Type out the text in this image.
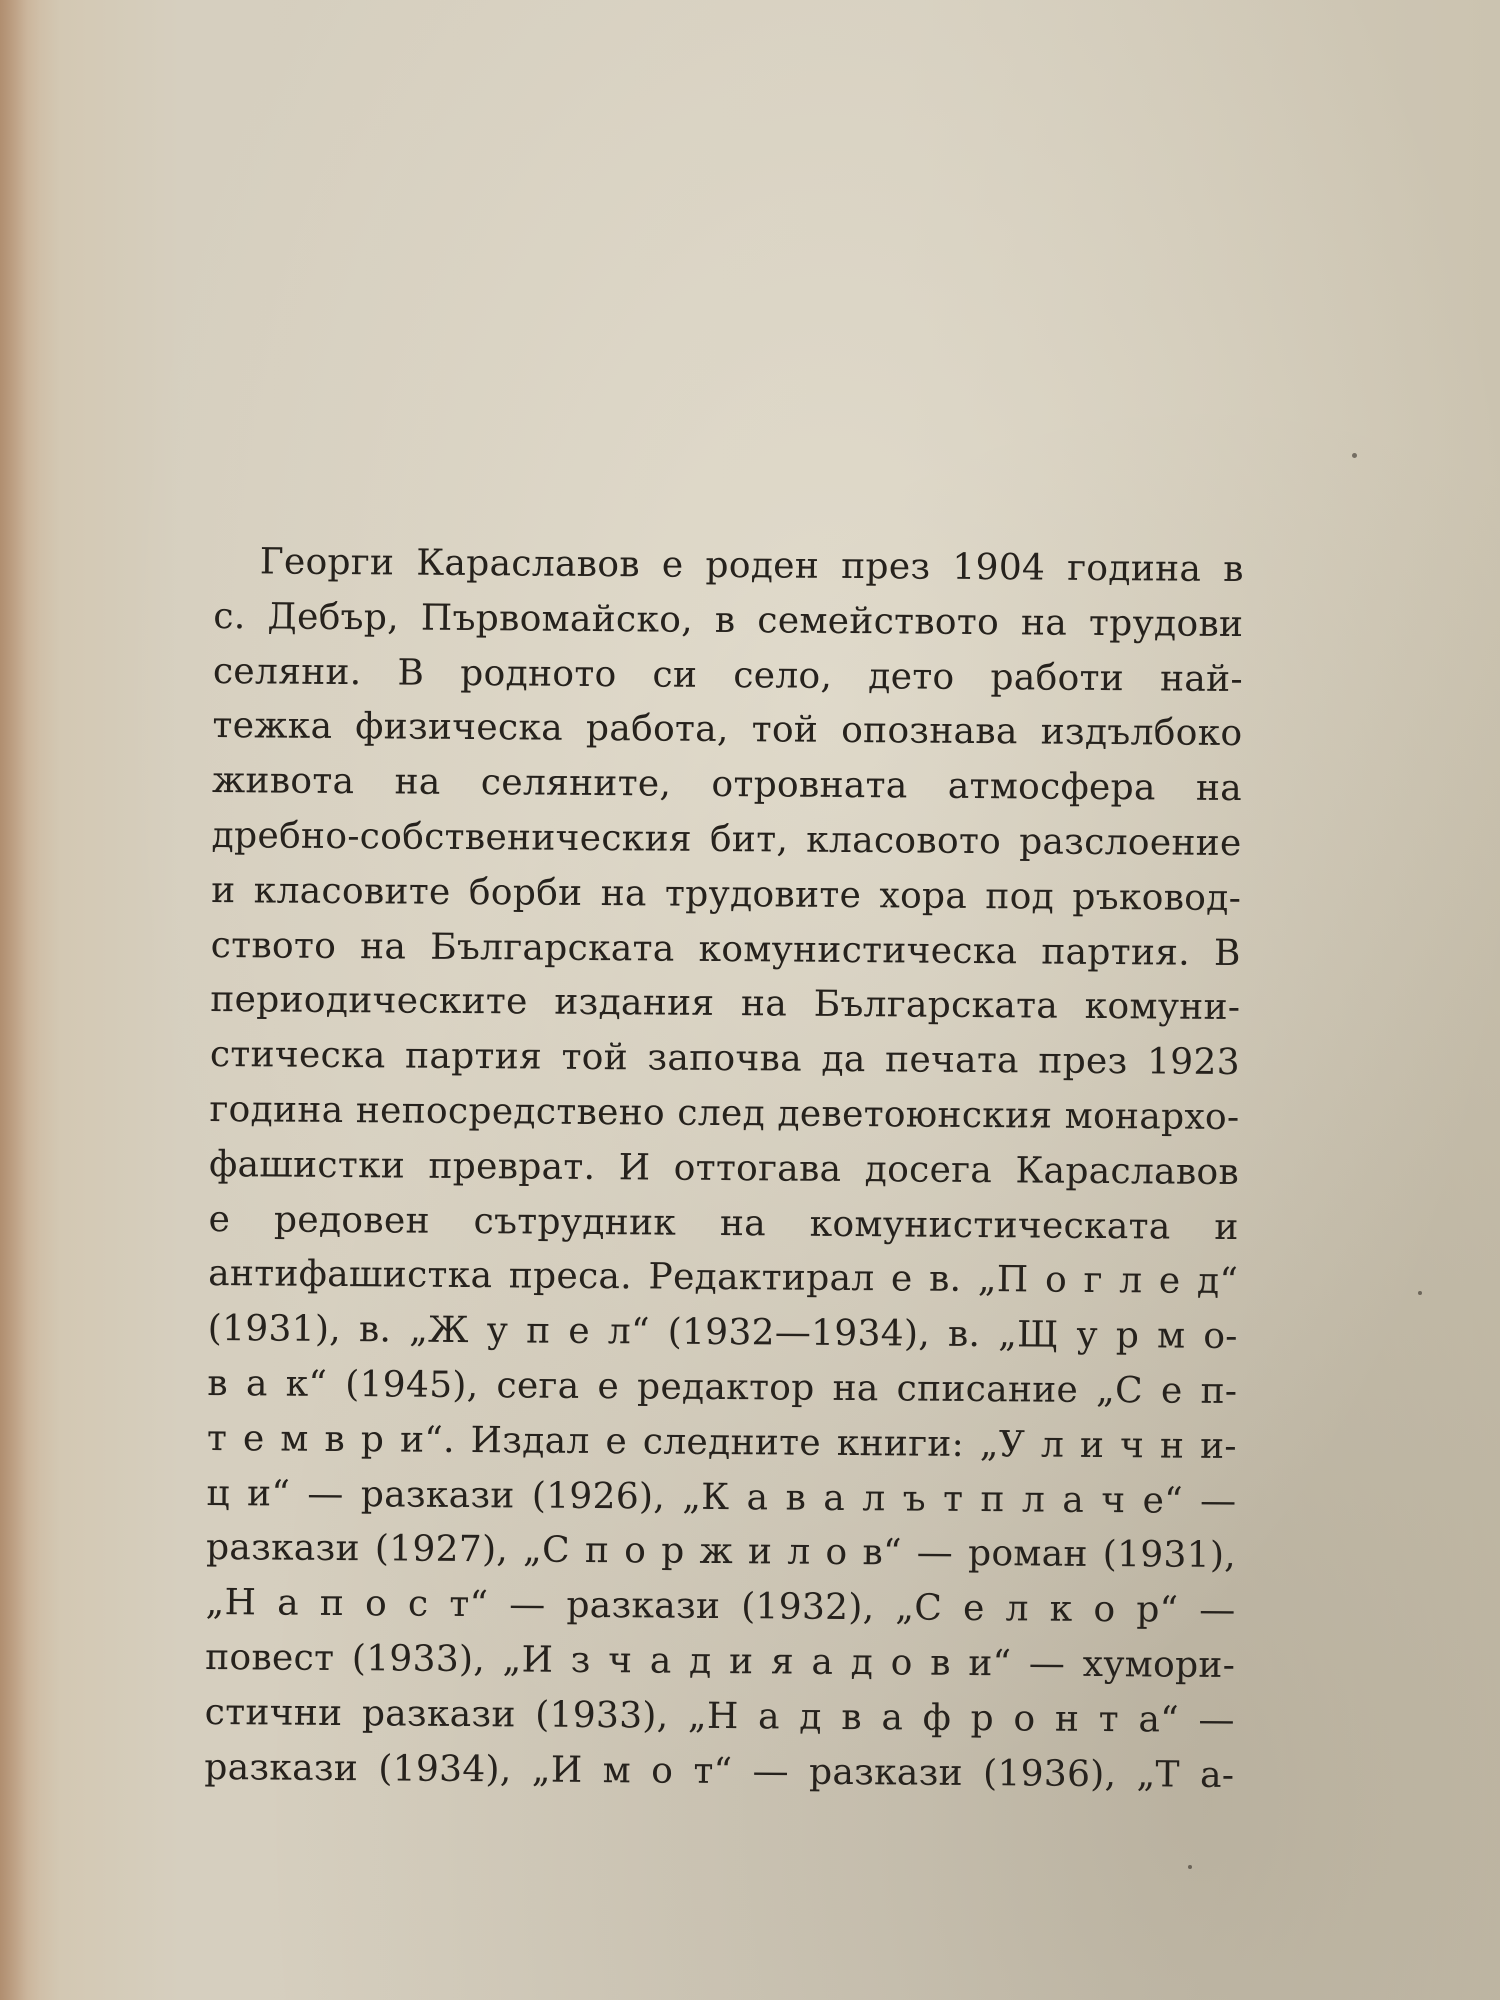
Георги Караславов е роден през 1904 година в
с. Дебър, Първомайско, в семейството на трудови
селяни. В родното си село, дето работи най-
тежка физическа работа, той опознава издълбоко
живота на селяните, отровната атмосфера на
дребно-собственическия бит, класовото разслоение
и класовите борби на трудовите хора под ръковод-
ството на Българската комунистическа партия. В
периодическите издания на Българската комуни-
стическа партия той започва да печата през 1923
година непосредствено след деветоюнския монархо-
фашистки преврат. И оттогава досега Караславов
е редовен сътрудник на комунистическата и
антифашистка преса. Редактирал е в. „П о г л е д“
(1931), в. „Ж у п е л“ (1932—1934), в. „Щ у р м о-
в а к“ (1945), сега е редактор на списание „С е п-
т е м в р и“. Издал е следните книги: „У л и ч н и-
ц и“ — разкази (1926), „К а в а л ъ т п л а ч е“ —
разкази (1927), „С п о р ж и л о в“ — роман (1931),
„Н а п о с т“ — разкази (1932), „С е л к о р“ —
повест (1933), „И з ч а д и я а д о в и“ — хумори-
стични разкази (1933), „Н а д в а ф р о н т а“ —
разкази (1934), „И м о т“ — разкази (1936), „Т а-
